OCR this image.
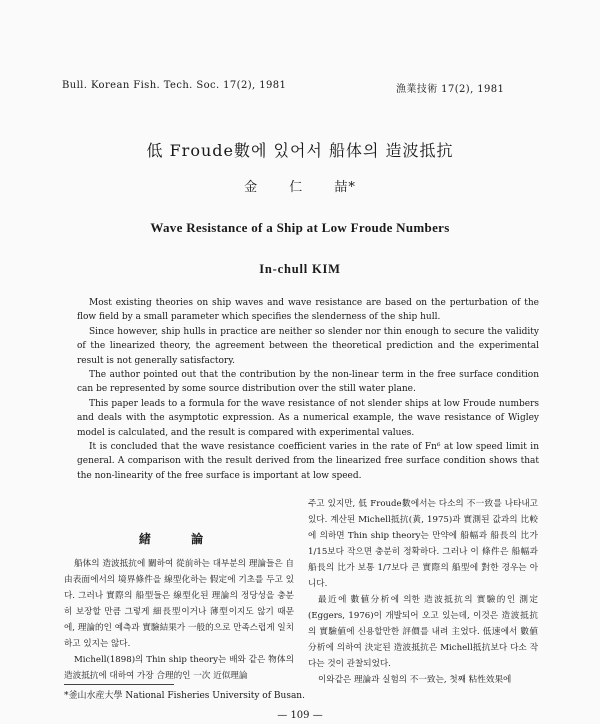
Bull. Korean Fish. Tech. Soc. 17(2), 1981	漁業技術 17(2), 1981
低 Froude數에 있어서 船体의 造波抵抗
金 仁 喆*
Wave Resistance of a Ship at Low Froude Numbers
In-chull KIM

Most existing theories on ship waves and wave resistance are based on the perturbation of the flow field by a small parameter which specifies the slenderness of the ship hull.

Since however, ship hulls in practice are neither so slender nor thin enough to secure the validity of the linearized theory, the agreement between the theoretical prediction and the experimental result is not generally satisfactory.

The author pointed out that the contribution by the non-linear term in the free surface condition can be represented by some source distribution over the still water plane.

This paper leads to a formula for the wave resistance of not slender ships at low Froude numbers and deals with the asymptotic expression. As a numerical example, the wave resistance of Wigley model is calculated, and the result is compared with experimental values.

It is concluded that the wave resistance coefficient varies in the rate of Fn⁶ at low speed limit in general. A comparison with the result derived from the linearized free surface condition shows that the non-linearity of the free surface is important at low speed.

緒 論

船体의 造波抵抗에 關하여 從前하는 대부분의 理論들은 自由表面에서의 境界條件을 線型化하는 假定에 기초를 두고 있다. 그러나 實際의 船型들은 線型化된 理論의 정당성을 충분히 보장할 만큼 그렇게 細長型이거나 薄型이지도 않기 때문에, 理論的인 예측과 實驗結果가 一般的으로 만족스럽게 일치하고 있지는 않다.

Michell(1898)의 Thin ship theory는 배와 같은 物体의 造波抵抗에 대하여 가장 合理的인 一次 近似理論

주고 있지만, 低 Froude數에서는 다소의 不一致를 나타내고 있다. 계산된 Michell抵抗(黃, 1975)과 實測된 값과의 比較에 의하면 Thin ship theory는 만약에 船幅과 船長의 比가 1/15보다 작으면 충분히 정확하다. 그러나 이 條件은 船幅과 船長의 比가 보통 1/7보다 큰 實際의 船型에 對한 경우는 아니다.

最近에 數値分析에 의한 造波抵抗의 實驗的인 測定(Eggers, 1976)이 개발되어 오고 있는데, 이것은 造波抵抗의 實驗値에 신용할만한 評價를 내려 主었다. 低速에서 數値分析에 의하여 決定된 造波抵抗은 Michell抵抗보다 다소 작다는 것이 관찰되었다.

이와같은 理論과 실험의 不一致는, 첫째 粘性效果에

*釜山水産大學 National Fisheries University of Busan.
— 109 —
